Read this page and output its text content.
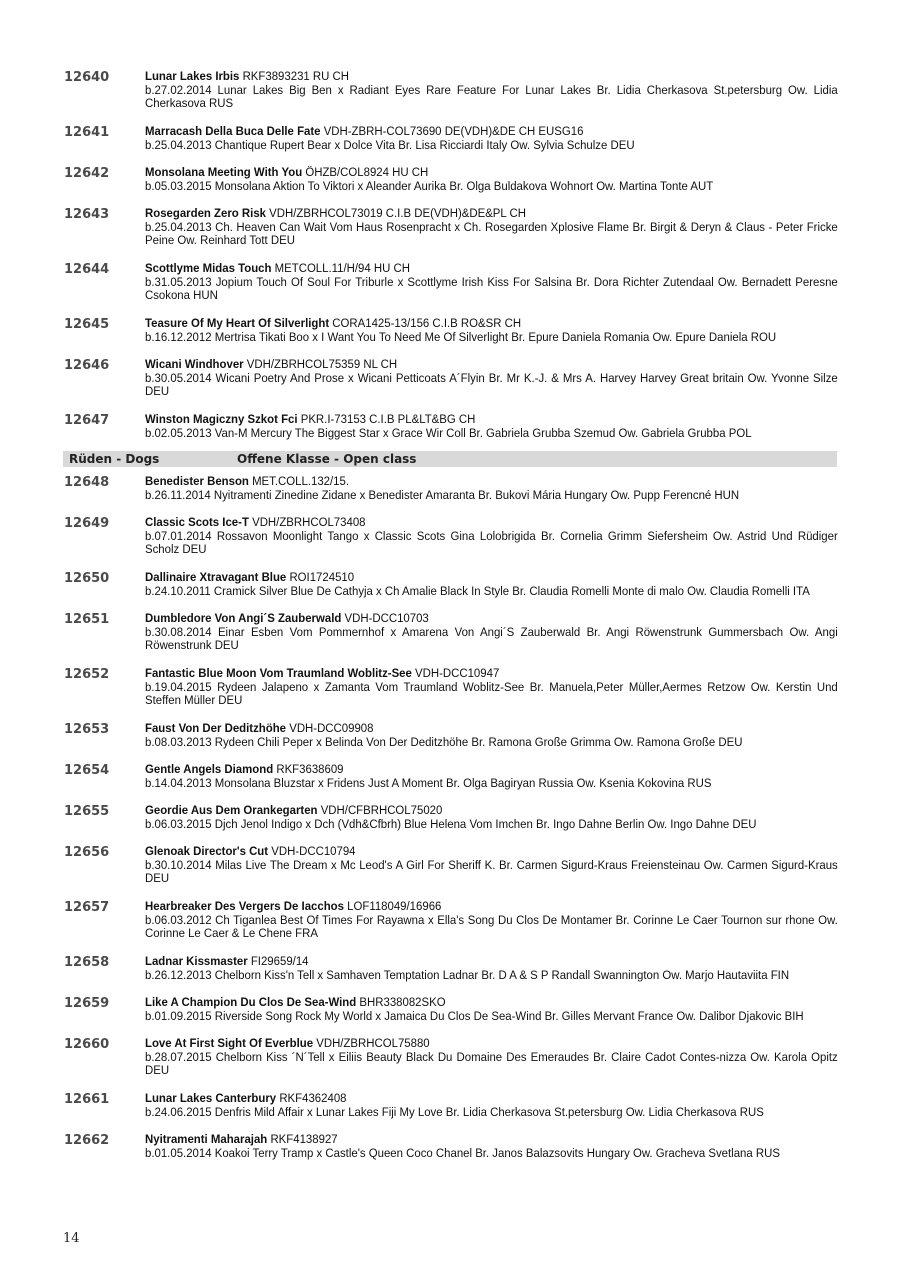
12640	Lunar Lakes Irbis RKF3893231 RU CH
b.27.02.2014 Lunar Lakes Big Ben x Radiant Eyes Rare Feature For Lunar Lakes Br. Lidia Cherkasova St.petersburg Ow. Lidia Cherkasova RUS
12641	Marracash Della Buca Delle Fate VDH-ZBRH-COL73690 DE(VDH)&DE CH EUSG16
b.25.04.2013 Chantique Rupert Bear x Dolce Vita Br. Lisa Ricciardi Italy Ow. Sylvia Schulze DEU
12642	Monsolana Meeting With You ÖHZB/COL8924 HU CH
b.05.03.2015 Monsolana Aktion To Viktori x Aleander Aurika Br. Olga Buldakova Wohnort Ow. Martina Tonte AUT
12643	Rosegarden Zero Risk VDH/ZBRHCOL73019 C.I.B DE(VDH)&DE&PL CH
b.25.04.2013 Ch. Heaven Can Wait Vom Haus Rosenpracht x Ch. Rosegarden Xplosive Flame Br. Birgit & Deryn & Claus - Peter Fricke Peine Ow. Reinhard Tott DEU
12644	Scottlyme Midas Touch METCOLL.11/H/94 HU CH
b.31.05.2013 Jopium Touch Of Soul For Triburle x Scottlyme Irish Kiss For Salsina Br. Dora Richter Zutendaal Ow. Bernadett Peresne Csokona HUN
12645	Teasure Of My Heart Of Silverlight CORA1425-13/156 C.I.B RO&SR CH
b.16.12.2012 Mertrisa Tikati Boo x I Want You To Need Me Of Silverlight Br. Epure Daniela Romania Ow. Epure Daniela ROU
12646	Wicani Windhover VDH/ZBRHCOL75359 NL CH
b.30.05.2014 Wicani Poetry And Prose x Wicani Petticoats A´Flyin Br. Mr K.-J. & Mrs A. Harvey Harvey Great britain Ow. Yvonne Silze DEU
12647	Winston Magiczny Szkot Fci PKR.I-73153 C.I.B PL&LT&BG CH
b.02.05.2013 Van-M Mercury The Biggest Star x Grace Wir Coll Br. Gabriela Grubba Szemud Ow. Gabriela Grubba POL
Rüden - Dogs	Offene Klasse - Open class
12648	Benedister Benson MET.COLL.132/15.
b.26.11.2014 Nyitramenti Zinedine Zidane x Benedister Amaranta Br. Bukovi Mária Hungary Ow. Pupp Ferencné HUN
12649	Classic Scots Ice-T VDH/ZBRHCOL73408
b.07.01.2014 Rossavon Moonlight Tango x Classic Scots Gina Lolobrigida Br. Cornelia Grimm Siefersheim Ow. Astrid Und Rüdiger Scholz DEU
12650	Dallinaire Xtravagant Blue ROI1724510
b.24.10.2011 Cramick Silver Blue De Cathyja x Ch Amalie Black In Style Br. Claudia Romelli Monte di malo Ow. Claudia Romelli ITA
12651	Dumbledore Von Angi´S Zauberwald VDH-DCC10703
b.30.08.2014 Einar Esben Vom Pommernhof x Amarena Von Angi´S Zauberwald Br. Angi Röwenstrunk Gummersbach Ow. Angi Röwenstrunk DEU
12652	Fantastic Blue Moon Vom Traumland Woblitz-See VDH-DCC10947
b.19.04.2015 Rydeen Jalapeno x Zamanta Vom Traumland Woblitz-See Br. Manuela,Peter Müller,Aermes Retzow Ow. Kerstin Und Steffen Müller DEU
12653	Faust Von Der Deditzhöhe VDH-DCC09908
b.08.03.2013 Rydeen Chili Peper x Belinda Von Der Deditzhöhe Br. Ramona Große Grimma Ow. Ramona Große DEU
12654	Gentle Angels Diamond RKF3638609
b.14.04.2013 Monsolana Bluzstar x Fridens Just A Moment Br. Olga Bagiryan Russia Ow. Ksenia Kokovina RUS
12655	Geordie Aus Dem Orankegarten VDH/CFBRHCOL75020
b.06.03.2015 Djch Jenol Indigo x Dch (Vdh&Cfbrh) Blue Helena Vom Imchen Br. Ingo Dahne Berlin Ow. Ingo Dahne DEU
12656	Glenoak Director's Cut VDH-DCC10794
b.30.10.2014 Milas Live The Dream x Mc Leod's A Girl For Sheriff K. Br. Carmen Sigurd-Kraus Freiensteinau Ow. Carmen Sigurd-Kraus DEU
12657	Hearbreaker Des Vergers De Iacchos LOF118049/16966
b.06.03.2012 Ch Tiganlea Best Of Times For Rayawna x Ella's Song Du Clos De Montamer Br. Corinne Le Caer Tournon sur rhone Ow. Corinne Le Caer & Le Chene FRA
12658	Ladnar Kissmaster FI29659/14
b.26.12.2013 Chelborn Kiss'n Tell x Samhaven Temptation Ladnar Br. D A & S P Randall Swannington Ow. Marjo Hautaviita FIN
12659	Like A Champion Du Clos De Sea-Wind BHR338082SKO
b.01.09.2015 Riverside Song Rock My World x Jamaica Du Clos De Sea-Wind Br. Gilles Mervant France Ow. Dalibor Djakovic BIH
12660	Love At First Sight Of Everblue VDH/ZBRHCOL75880
b.28.07.2015 Chelborn Kiss ´N´Tell x Eiliis Beauty Black Du Domaine Des Emeraudes Br. Claire Cadot Contes-nizza Ow. Karola Opitz DEU
12661	Lunar Lakes Canterbury RKF4362408
b.24.06.2015 Denfris Mild Affair x Lunar Lakes Fiji My Love Br. Lidia Cherkasova St.petersburg Ow. Lidia Cherkasova RUS
12662	Nyitramenti Maharajah RKF4138927
b.01.05.2014 Koakoi Terry Tramp x Castle's Queen Coco Chanel Br. Janos Balazsovits Hungary Ow. Gracheva Svetlana RUS
14
